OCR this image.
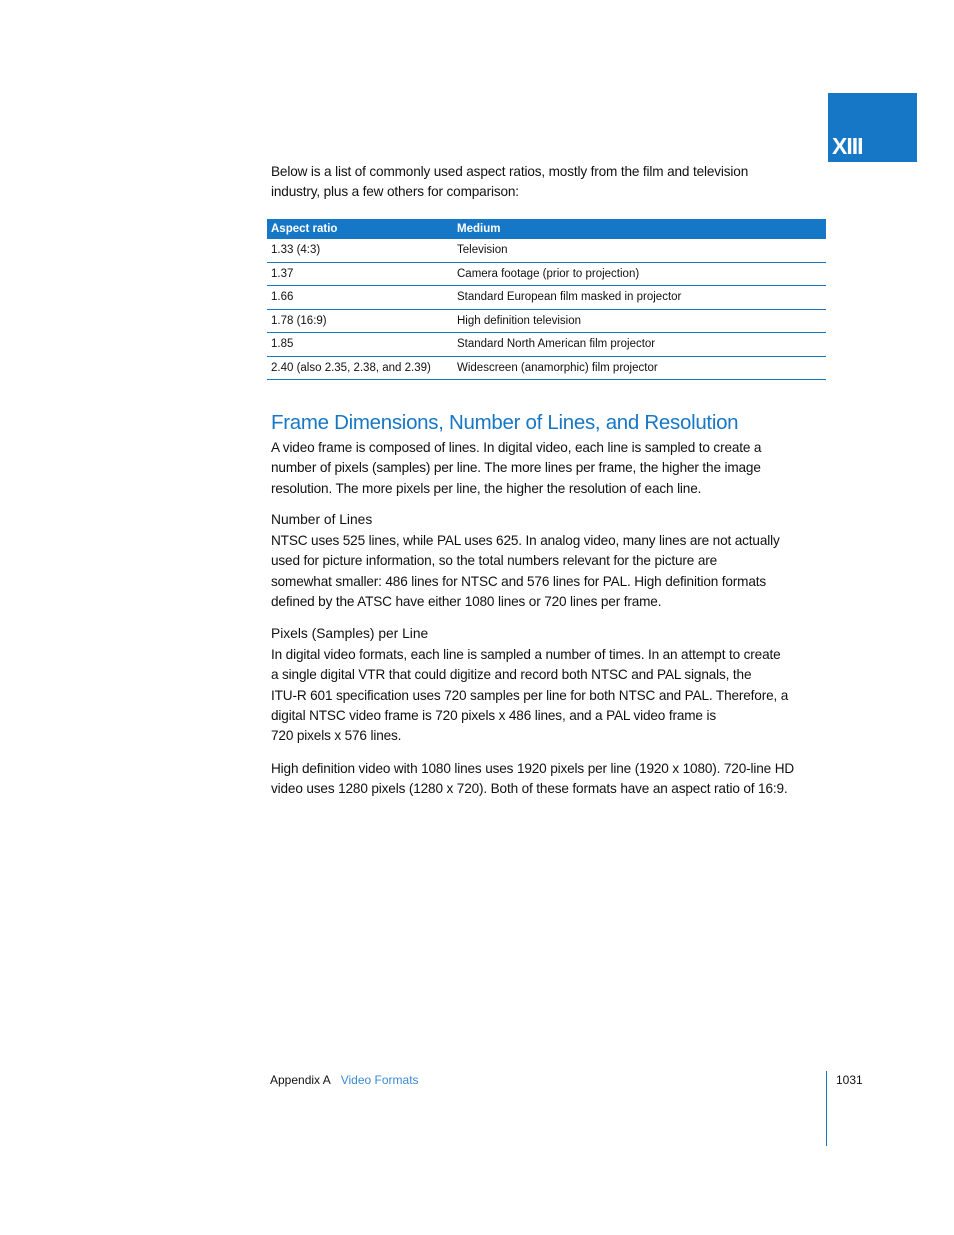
XIII
Below is a list of commonly used aspect ratios, mostly from the film and television
industry, plus a few others for comparison:
Aspect ratio	Medium
1.33 (4:3)	Television
1.37	Camera footage (prior to projection)
1.66	Standard European film masked in projector
1.78 (16:9)	High definition television
1.85	Standard North American film projector
2.40 (also 2.35, 2.38, and 2.39)	Widescreen (anamorphic) film projector
Frame Dimensions, Number of Lines, and Resolution
A video frame is composed of lines. In digital video, each line is sampled to create a
number of pixels (samples) per line. The more lines per frame, the higher the image
resolution. The more pixels per line, the higher the resolution of each line.
Number of Lines
NTSC uses 525 lines, while PAL uses 625. In analog video, many lines are not actually
used for picture information, so the total numbers relevant for the picture are
somewhat smaller: 486 lines for NTSC and 576 lines for PAL. High definition formats
defined by the ATSC have either 1080 lines or 720 lines per frame.
Pixels (Samples) per Line
In digital video formats, each line is sampled a number of times. In an attempt to create
a single digital VTR that could digitize and record both NTSC and PAL signals, the
ITU-R 601 specification uses 720 samples per line for both NTSC and PAL. Therefore, a
digital NTSC video frame is 720 pixels x 486 lines, and a PAL video frame is
720 pixels x 576 lines.
High definition video with 1080 lines uses 1920 pixels per line (1920 x 1080). 720-line HD
video uses 1280 pixels (1280 x 720). Both of these formats have an aspect ratio of 16:9.
Appendix A Video Formats	1031
